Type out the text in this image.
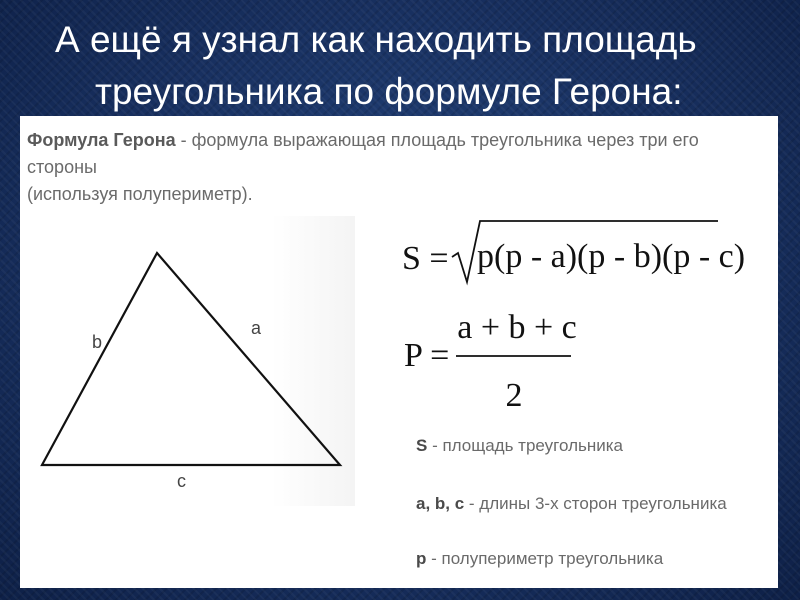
А ещё я узнал как находить площадь
треугольника по формуле Герона:
Формула Герона - формула выражающая площадь треугольника через три его стороны
(используя полупериметр).
b
a
c
S = p(p - a)(p - b)(p - c)
P =
a + b + c
2
S - площадь треугольника
a, b, c - длины 3-х сторон треугольника
p - полупериметр треугольника
